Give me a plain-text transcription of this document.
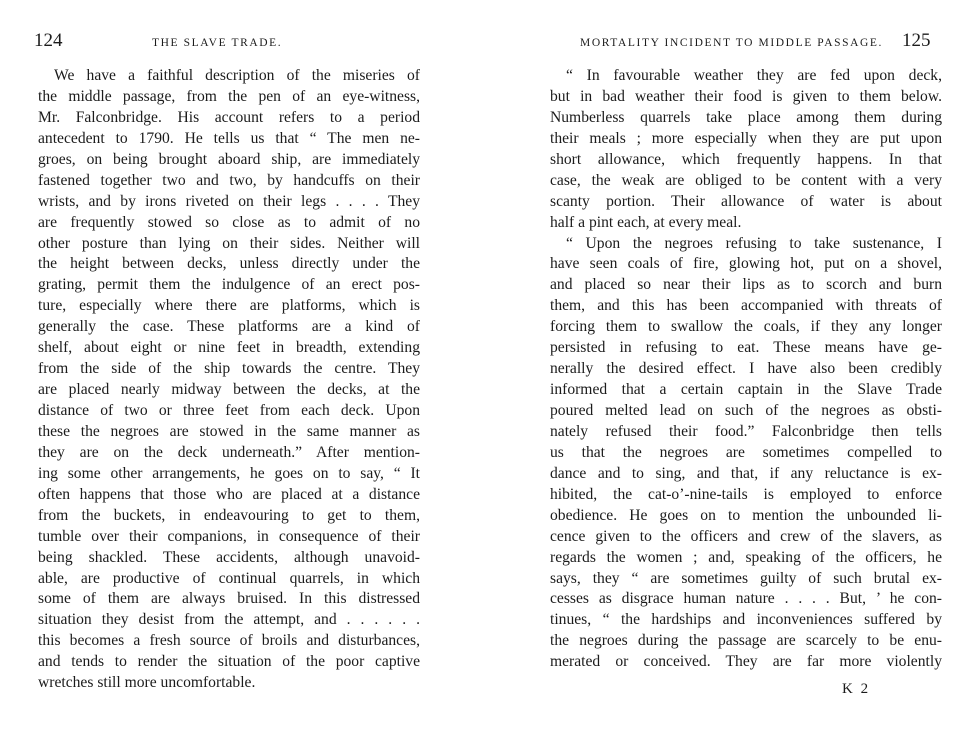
124	THE SLAVE TRADE.
We have a faithful description of the miseries of
the middle passage, from the pen of an eye-witness,
Mr. Falconbridge. His account refers to a period
antecedent to 1790. He tells us that “ The men ne-
groes, on being brought aboard ship, are immediately
fastened together two and two, by handcuffs on their
wrists, and by irons riveted on their legs . . . . They
are frequently stowed so close as to admit of no
other posture than lying on their sides. Neither will
the height between decks, unless directly under the
grating, permit them the indulgence of an erect pos-
ture, especially where there are platforms, which is
generally the case. These platforms are a kind of
shelf, about eight or nine feet in breadth, extending
from the side of the ship towards the centre. They
are placed nearly midway between the decks, at the
distance of two or three feet from each deck. Upon
these the negroes are stowed in the same manner as
they are on the deck underneath.” After mention-
ing some other arrangements, he goes on to say, “ It
often happens that those who are placed at a distance
from the buckets, in endeavouring to get to them,
tumble over their companions, in consequence of their
being shackled. These accidents, although unavoid-
able, are productive of continual quarrels, in which
some of them are always bruised. In this distressed
situation they desist from the attempt, and . . . . . .
this becomes a fresh source of broils and disturbances,
and tends to render the situation of the poor captive
wretches still more uncomfortable.
MORTALITY INCIDENT TO MIDDLE PASSAGE. 125
“ In favourable weather they are fed upon deck,
but in bad weather their food is given to them below.
Numberless quarrels take place among them during
their meals ; more especially when they are put upon
short allowance, which frequently happens. In that
case, the weak are obliged to be content with a very
scanty portion. Their allowance of water is about
half a pint each, at every meal.
“ Upon the negroes refusing to take sustenance, I
have seen coals of fire, glowing hot, put on a shovel,
and placed so near their lips as to scorch and burn
them, and this has been accompanied with threats of
forcing them to swallow the coals, if they any longer
persisted in refusing to eat. These means have ge-
nerally the desired effect. I have also been credibly
informed that a certain captain in the Slave Trade
poured melted lead on such of the negroes as obsti-
nately refused their food.” Falconbridge then tells
us that the negroes are sometimes compelled to
dance and to sing, and that, if any reluctance is ex-
hibited, the cat-o’-nine-tails is employed to enforce
obedience. He goes on to mention the unbounded li-
cence given to the officers and crew of the slavers, as
regards the women ; and, speaking of the officers, he
says, they “ are sometimes guilty of such brutal ex-
cesses as disgrace human nature . . . . But, ’ he con-
tinues, “ the hardships and inconveniences suffered by
the negroes during the passage are scarcely to be enu-
merated or conceived. They are far more violently
K 2
